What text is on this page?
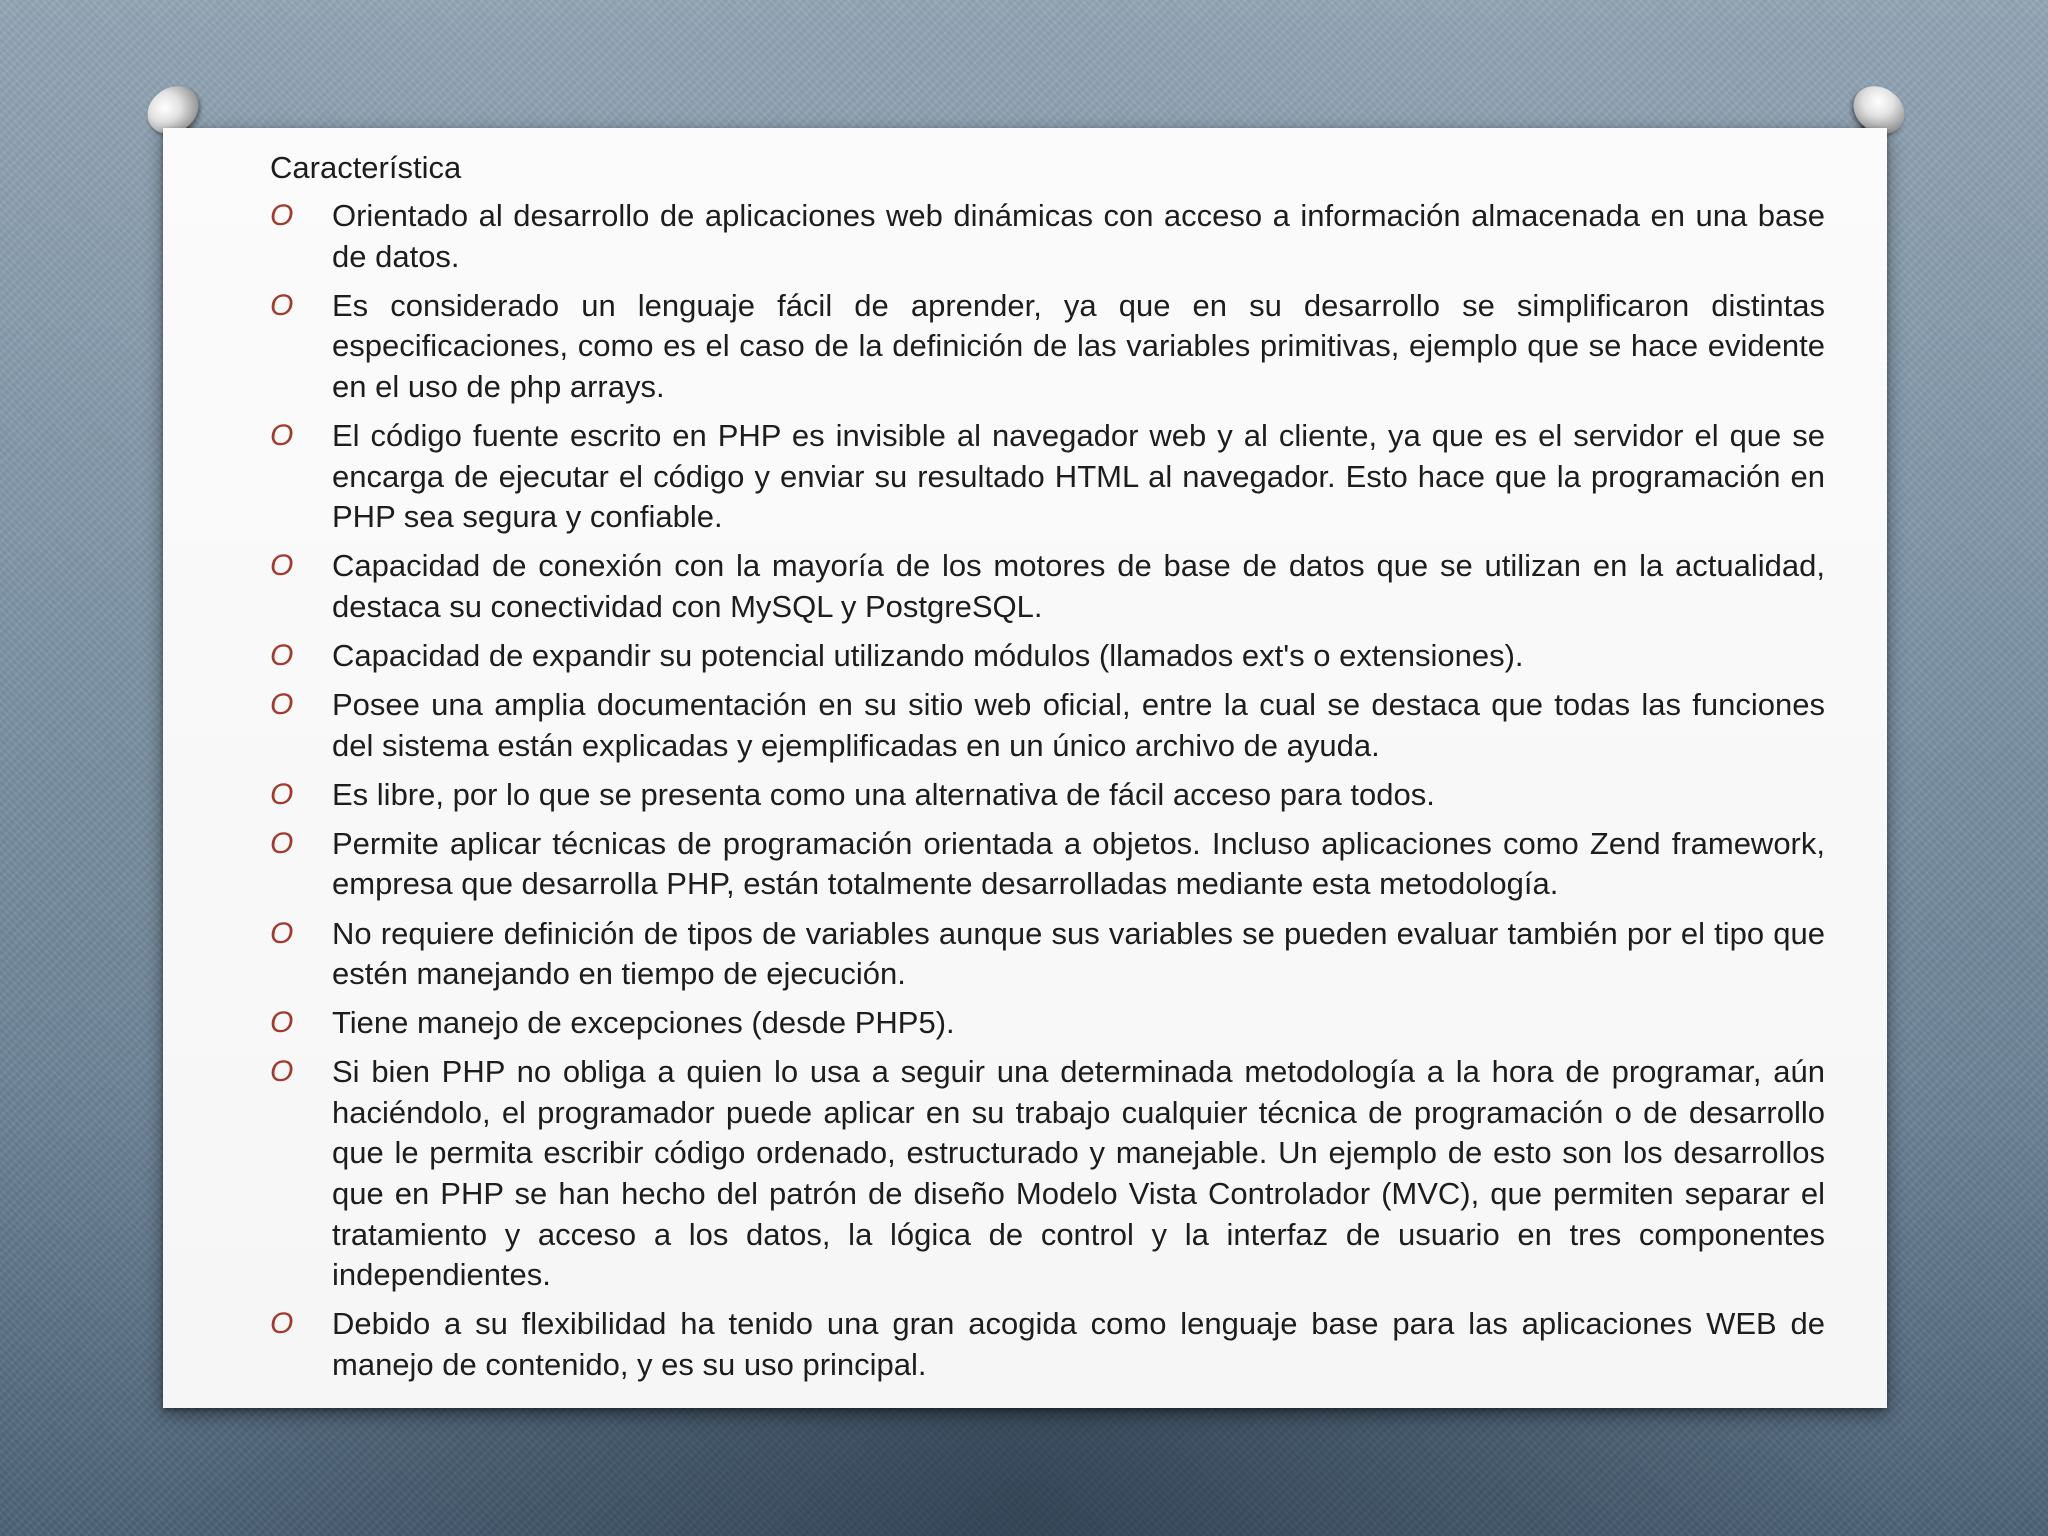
Característica
O Orientado al desarrollo de aplicaciones web dinámicas con acceso a información almacenada en una base de datos.
O Es considerado un lenguaje fácil de aprender, ya que en su desarrollo se simplificaron distintas especificaciones, como es el caso de la definición de las variables primitivas, ejemplo que se hace evidente en el uso de php arrays.
O El código fuente escrito en PHP es invisible al navegador web y al cliente, ya que es el servidor el que se encarga de ejecutar el código y enviar su resultado HTML al navegador. Esto hace que la programación en PHP sea segura y confiable.
O Capacidad de conexión con la mayoría de los motores de base de datos que se utilizan en la actualidad, destaca su conectividad con MySQL y PostgreSQL.
O Capacidad de expandir su potencial utilizando módulos (llamados ext's o extensiones).
O Posee una amplia documentación en su sitio web oficial, entre la cual se destaca que todas las funciones del sistema están explicadas y ejemplificadas en un único archivo de ayuda.
O Es libre, por lo que se presenta como una alternativa de fácil acceso para todos.
O Permite aplicar técnicas de programación orientada a objetos. Incluso aplicaciones como Zend framework, empresa que desarrolla PHP, están totalmente desarrolladas mediante esta metodología.
O No requiere definición de tipos de variables aunque sus variables se pueden evaluar también por el tipo que estén manejando en tiempo de ejecución.
O Tiene manejo de excepciones (desde PHP5).
O Si bien PHP no obliga a quien lo usa a seguir una determinada metodología a la hora de programar, aún haciéndolo, el programador puede aplicar en su trabajo cualquier técnica de programación o de desarrollo que le permita escribir código ordenado, estructurado y manejable. Un ejemplo de esto son los desarrollos que en PHP se han hecho del patrón de diseño Modelo Vista Controlador (MVC), que permiten separar el tratamiento y acceso a los datos, la lógica de control y la interfaz de usuario en tres componentes independientes.
O Debido a su flexibilidad ha tenido una gran acogida como lenguaje base para las aplicaciones WEB de manejo de contenido, y es su uso principal.
